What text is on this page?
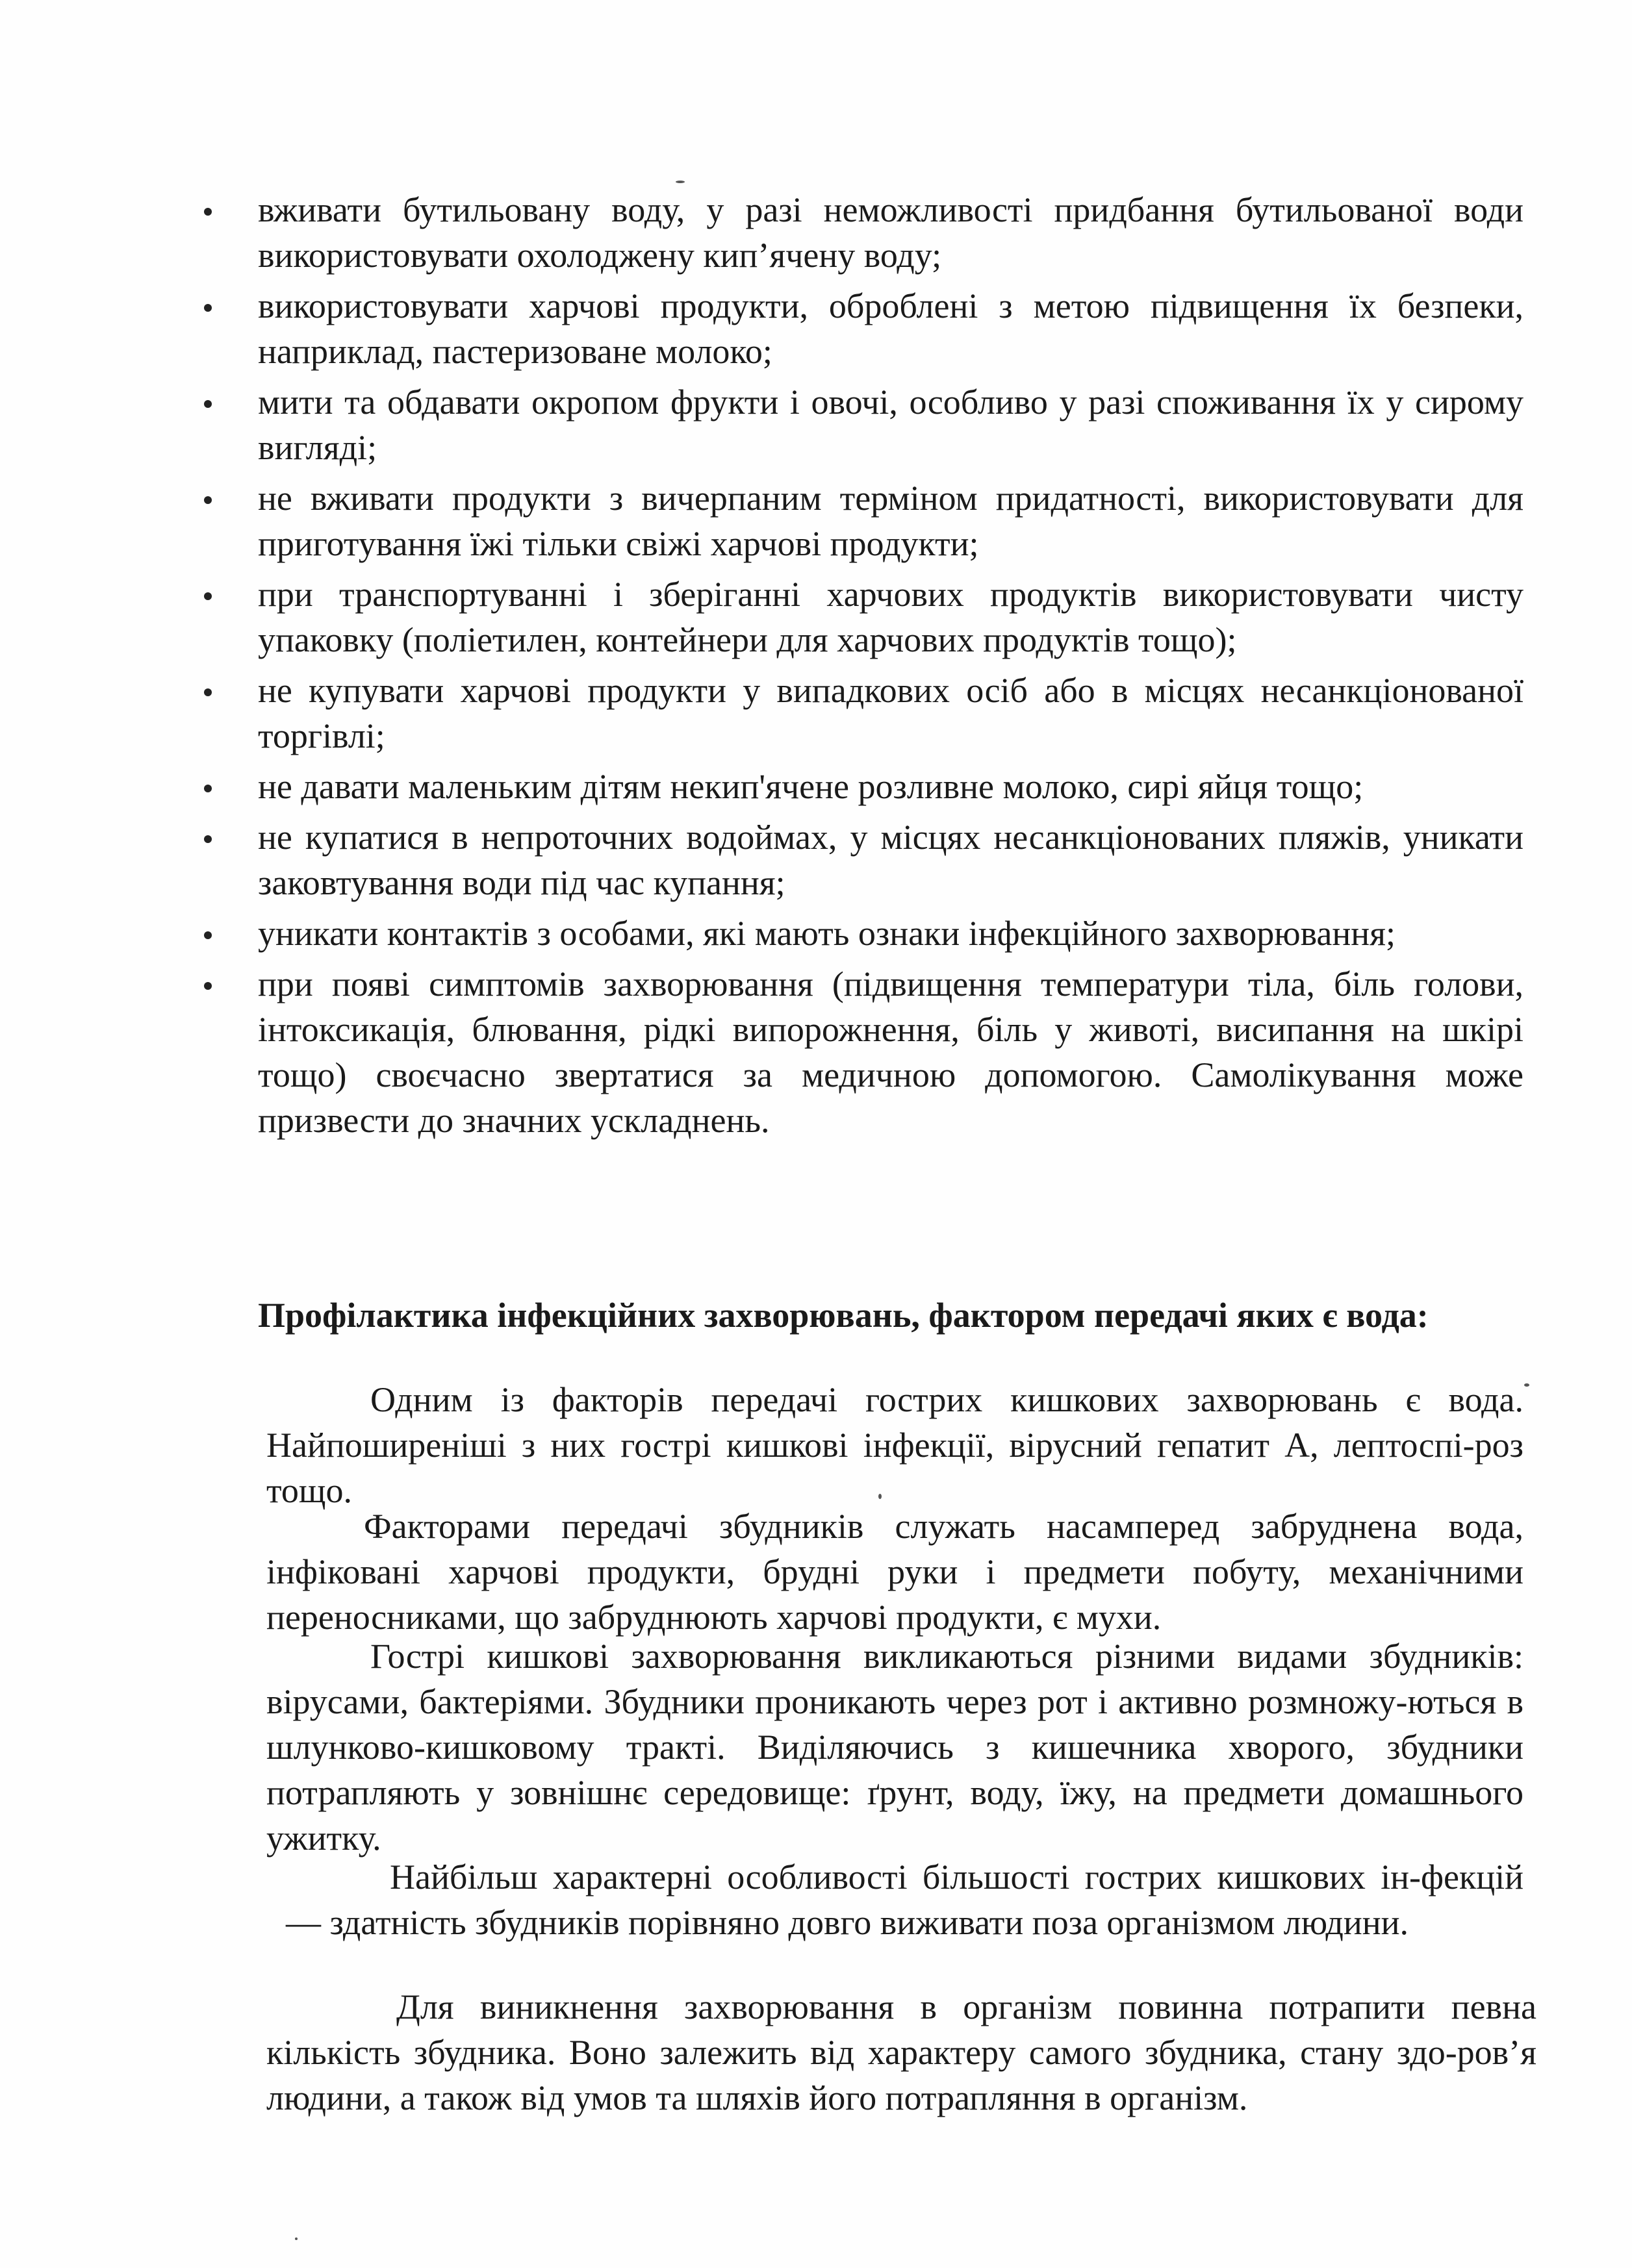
вживати бутильовану воду, у разі неможливості придбання бутильованої води використовувати охолоджену кип’ячену воду;
використовувати харчові продукти, оброблені з метою підвищення їх безпеки, наприклад, пастеризоване молоко;
мити та обдавати окропом фрукти і овочі, особливо у разі споживання їх у сирому вигляді;
не вживати продукти з вичерпаним терміном придатності, використовувати для приготування їжі тільки свіжі харчові продукти;
при транспортуванні і зберіганні харчових продуктів використовувати чисту упаковку (поліетилен, контейнери для харчових продуктів тощо);
не купувати харчові продукти у випадкових осіб або в місцях несанкціонованої торгівлі;
не давати маленьким дітям некип'ячене розливне молоко, сирі яйця тощо;
не купатися в непроточних водоймах, у місцях несанкціонованих пляжів, уникати заковтування води під час купання;
уникати контактів з особами, які мають ознаки інфекційного захворювання;
при появі симптомів захворювання (підвищення температури тіла, біль голови, інтоксикація, блювання, рідкі випорожнення, біль у животі, висипання на шкірі тощо) своєчасно звертатися за медичною допомогою. Самолікування може призвести до значних ускладнень.
Профілактика інфекційних захворювань, фактором передачі яких є вода:

Одним із факторів передачі гострих кишкових захворювань є вода. Найпоширеніші з них гострі кишкові інфекції, вірусний гепатит А, лептоспі-роз тощо.

Факторами передачі збудників служать насамперед забруднена вода, інфіковані харчові продукти, брудні руки і предмети побуту, механічними переносниками, що забруднюють харчові продукти, є мухи.

Гострі кишкові захворювання викликаються різними видами збудників: вірусами, бактеріями. Збудники проникають через рот і активно розмножу-ються в шлунково-кишковому тракті. Виділяючись з кишечника хворого, збудники потрапляють у зовнішнє середовище: ґрунт, воду, їжу, на предмети домашнього ужитку.

Найбільш характерні особливості більшості гострих кишкових ін-фекцій — здатність збудників порівняно довго виживати поза організмом людини.

Для виникнення захворювання в організм повинна потрапити певна кількість збудника. Воно залежить від характеру самого збудника, стану здо-ров’я людини, а також від умов та шляхів його потрапляння в організм.
